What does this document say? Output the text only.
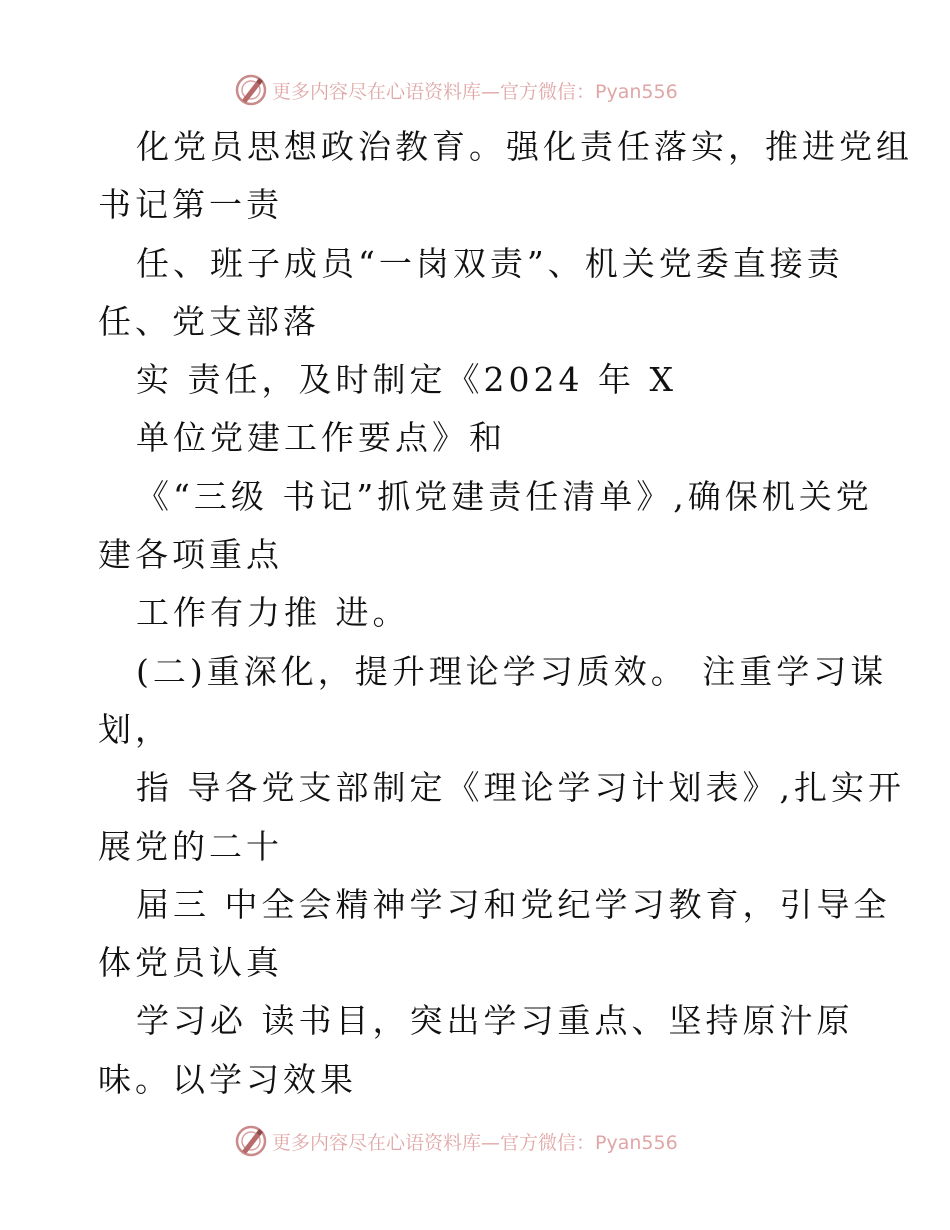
更多内容尽在心语资料库—官方微信：Pyan556
化党员思想政治教育。强化责任落实，推进党组
书记第一责
任、班子成员“一岗双责”、机关党委直接责
任、党支部落
实 责任，及时制定《2024 年 X
单位党建工作要点》和
《“三级 书记”抓党建责任清单》,确保机关党
建各项重点
工作有力推 进。
(二)重深化，提升理论学习质效。 注重学习谋
划，
指 导各党支部制定《理论学习计划表》,扎实开
展党的二十
届三 中全会精神学习和党纪学习教育，引导全
体党员认真
学习必 读书目，突出学习重点、坚持原汁原
味。以学习效果
更多内容尽在心语资料库—官方微信：Pyan556
